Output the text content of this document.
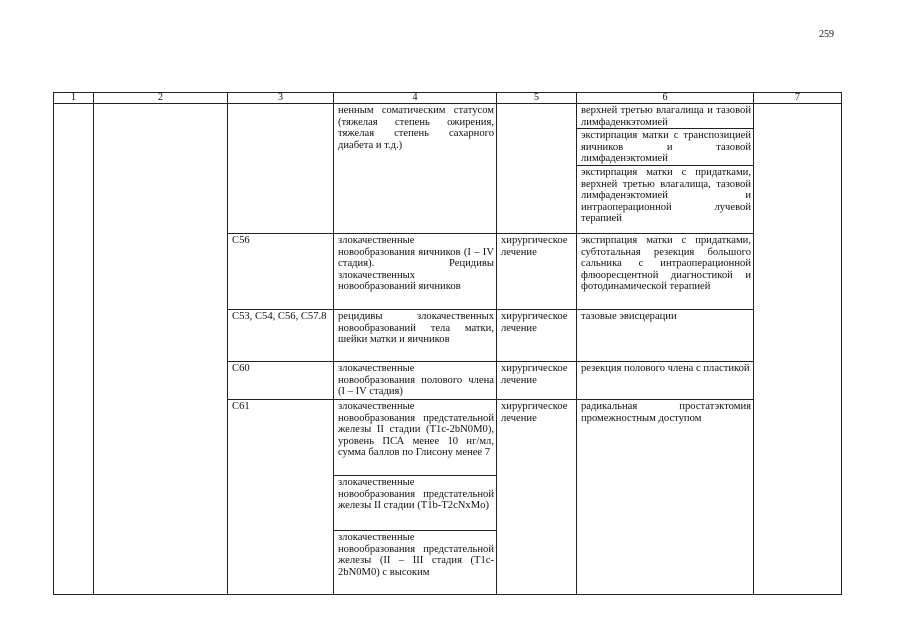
259
1	2	3	4	5	6	7
			ненным соматическим статусом (тяжелая степень ожирения, тяжелая степень сахарного диабета и т.д.)		верхней третью влагалища и тазовой лимфаденкэтомией	
					экстирпация матки с транспозицией яичников и тазовой лимфаденэктомией	
					экстирпация матки с придатками, верхней третью влагалища, тазовой лимфаденэктомией и интраоперационной лучевой терапией	
		C56	злокачественные новообразования яичников (I – IV стадия). Рецидивы злокачественных новообразований яичников	хирургическое лечение	экстирпация матки с придатками, субтотальная резекция большого сальника с интраоперационной флюоресцентной диагностикой и фотодинамической терапией	
		C53, C54, C56, C57.8	рецидивы злокачественных новообразований тела матки, шейки матки и яичников	хирургическое лечение	тазовые эвисцерации	
		C60	злокачественные новообразования полового члена (I – IV стадия)	хирургическое лечение	резекция полового члена с пластикой	
		C61	злокачественные новообразования предстательной железы II стадии (T1c-2bN0M0), уровень ПСА менее 10 нг/мл, сумма баллов по Глисону менее 7	хирургическое лечение	радикальная простатэктомия промежностным доступом	
			злокачественные новообразования предстательной железы II стадии (T1b-T2cNxMo)			
			злокачественные новообразования предстательной железы (II – III стадия (T1c-2bN0M0) с высоким			
